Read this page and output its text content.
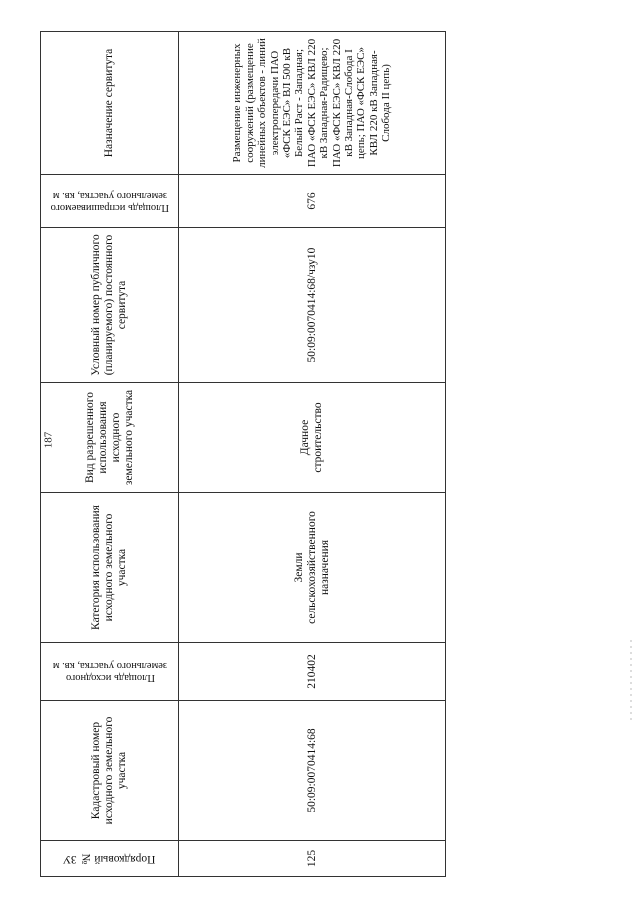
187
Порядковый № ЗУ	Кадастровый номер исходного земельного участка	Площадь исходного земельного участка, кв. м	Категория использования исходного земельного участка	Вид разрешенного использования исходного земельного участка	Условный номер публичного (планируемого) постоянного сервитута	Площадь испрашиваемого земельного участка, кв. м	Назначение сервитута
125	50:09:0070414:68	210402	Земли сельскохозяйственного назначения	Дачное строительство	50:09:0070414:68/чзу10	676	Размещение инженерных сооружений (размещение линейных объектов - линий электропередачи ПАО «ФСК ЕЭС» ВЛ 500 кВ Белый Раст - Западная; ПАО «ФСК ЕЭС» КВЛ 220 кВ Западная-Радищево; ПАО «ФСК ЕЭС» КВЛ 220 кВ Западная-Слобода I цепь; ПАО «ФСК ЕЭС» КВЛ 220 кВ Западная-Слобода II цепь)
